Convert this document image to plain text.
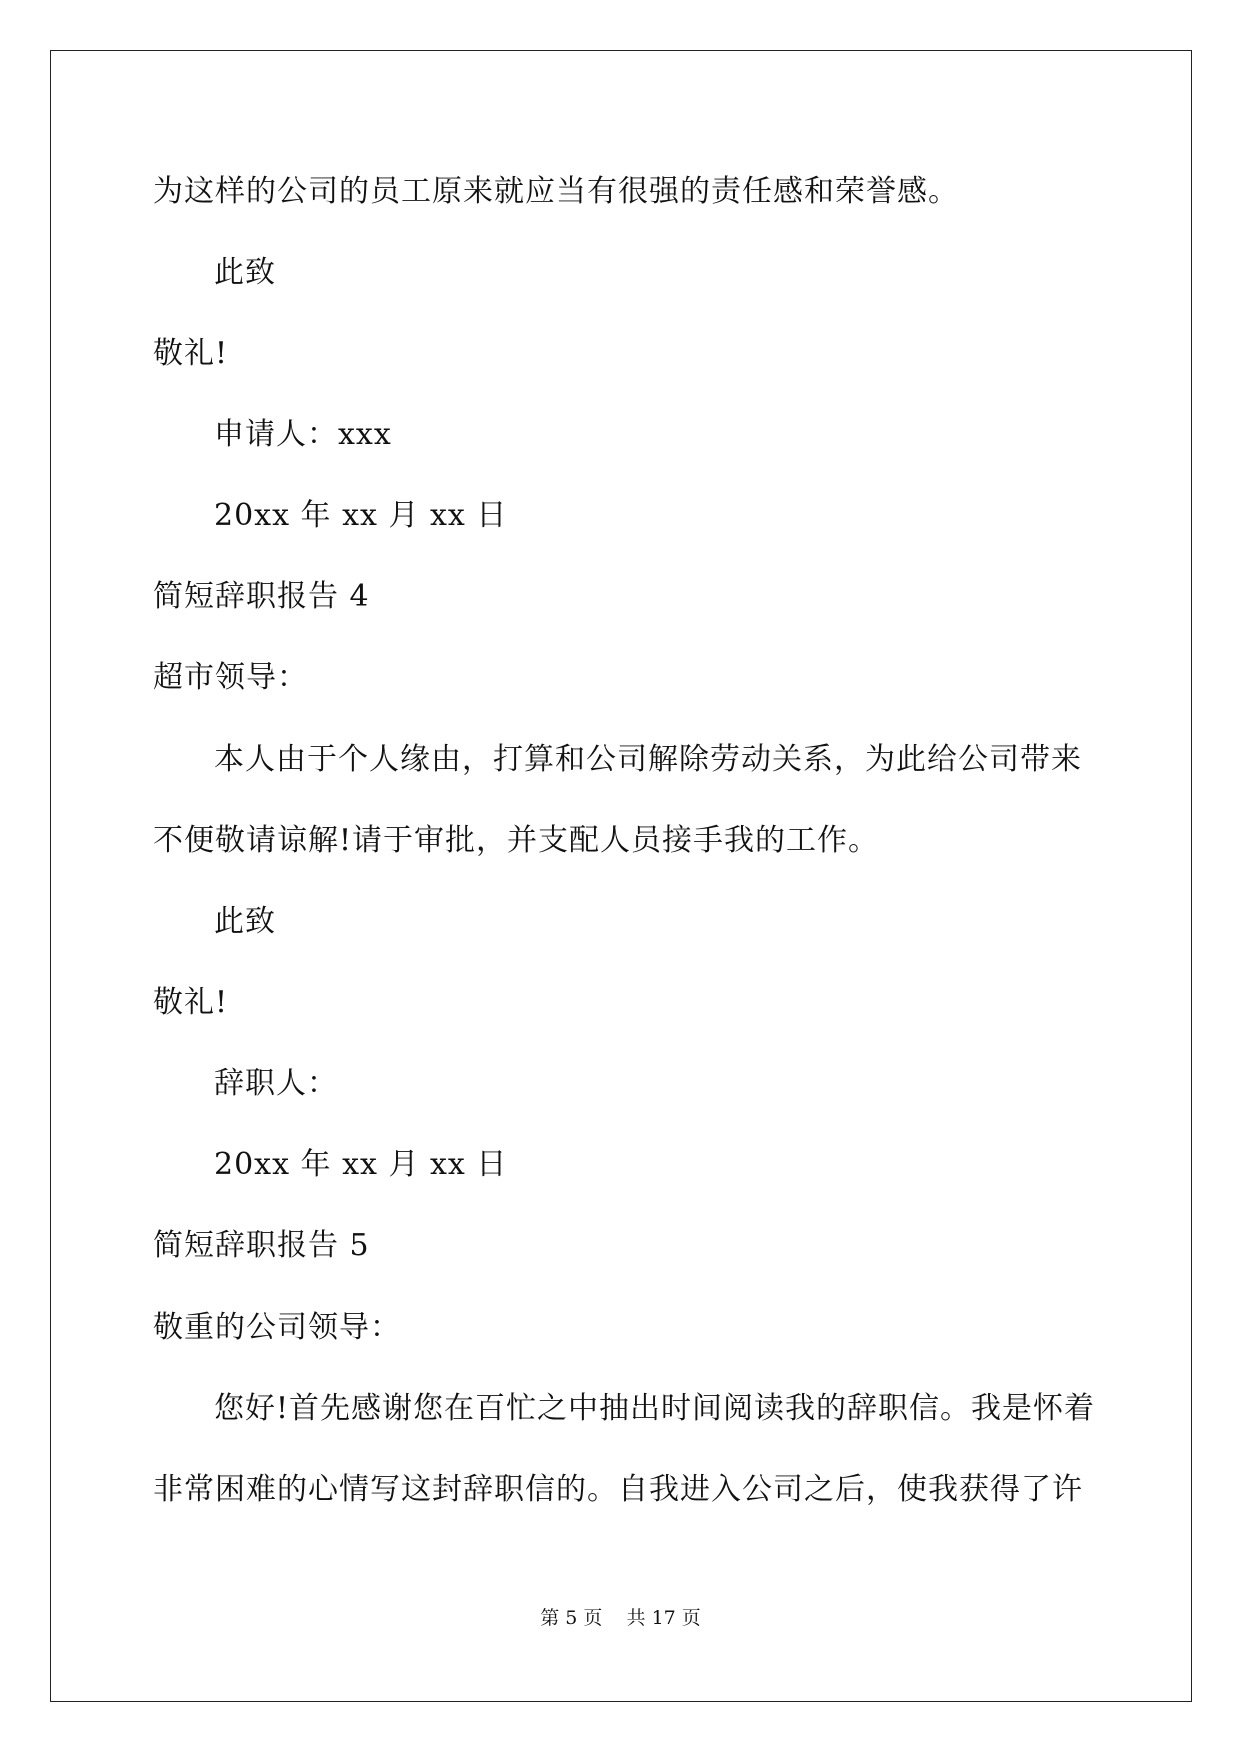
为这样的公司的员工原来就应当有很强的责任感和荣誉感。
此致
敬礼!
申请人：xxx
20xx 年 xx 月 xx 日
简短辞职报告 4
超市领导：
本人由于个人缘由，打算和公司解除劳动关系，为此给公司带来
不便敬请谅解!请于审批，并支配人员接手我的工作。
此致
敬礼!
辞职人：
20xx 年 xx 月 xx 日
简短辞职报告 5
敬重的公司领导：
您好!首先感谢您在百忙之中抽出时间阅读我的辞职信。我是怀着
非常困难的心情写这封辞职信的。自我进入公司之后，使我获得了许
第 5 页    共 17 页
